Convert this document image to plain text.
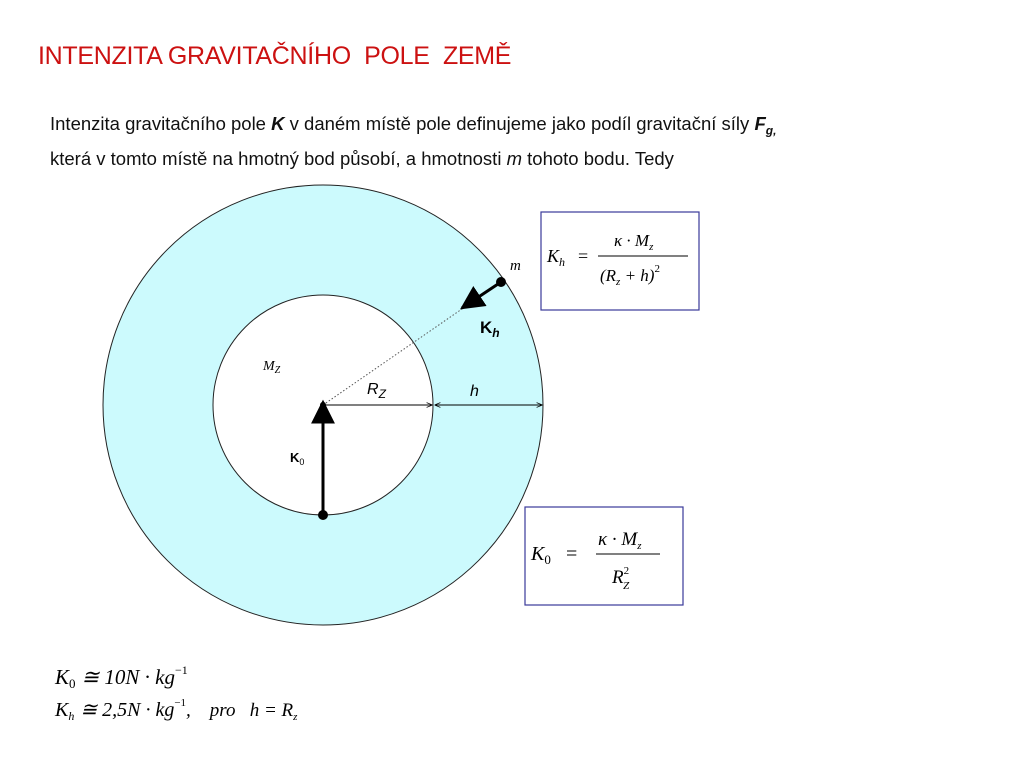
INTENZITA GRAVITAČNÍHO  POLE  ZEMĚ
Intenzita gravitačního pole K v daném místě pole definujeme jako podíl gravitační síly $F_{g,}$
která v tomto místě na hmotný bod působí, a hmotnosti m tohoto bodu. Tedy
m
$K_h$
$M_Z$
$R_Z$	h
$K_0$
$K_h$ =
$\kappa \cdot M_z$
$(R_z + h)^2$
$K_0$ =
$\kappa \cdot M_z$
$R^2$ Z
K0 ≅ $10N \cdot kg^{-1}$
$K_h$ ≅ $2,5N \cdot kg^{-1}$,    pro   $h = R_z$
